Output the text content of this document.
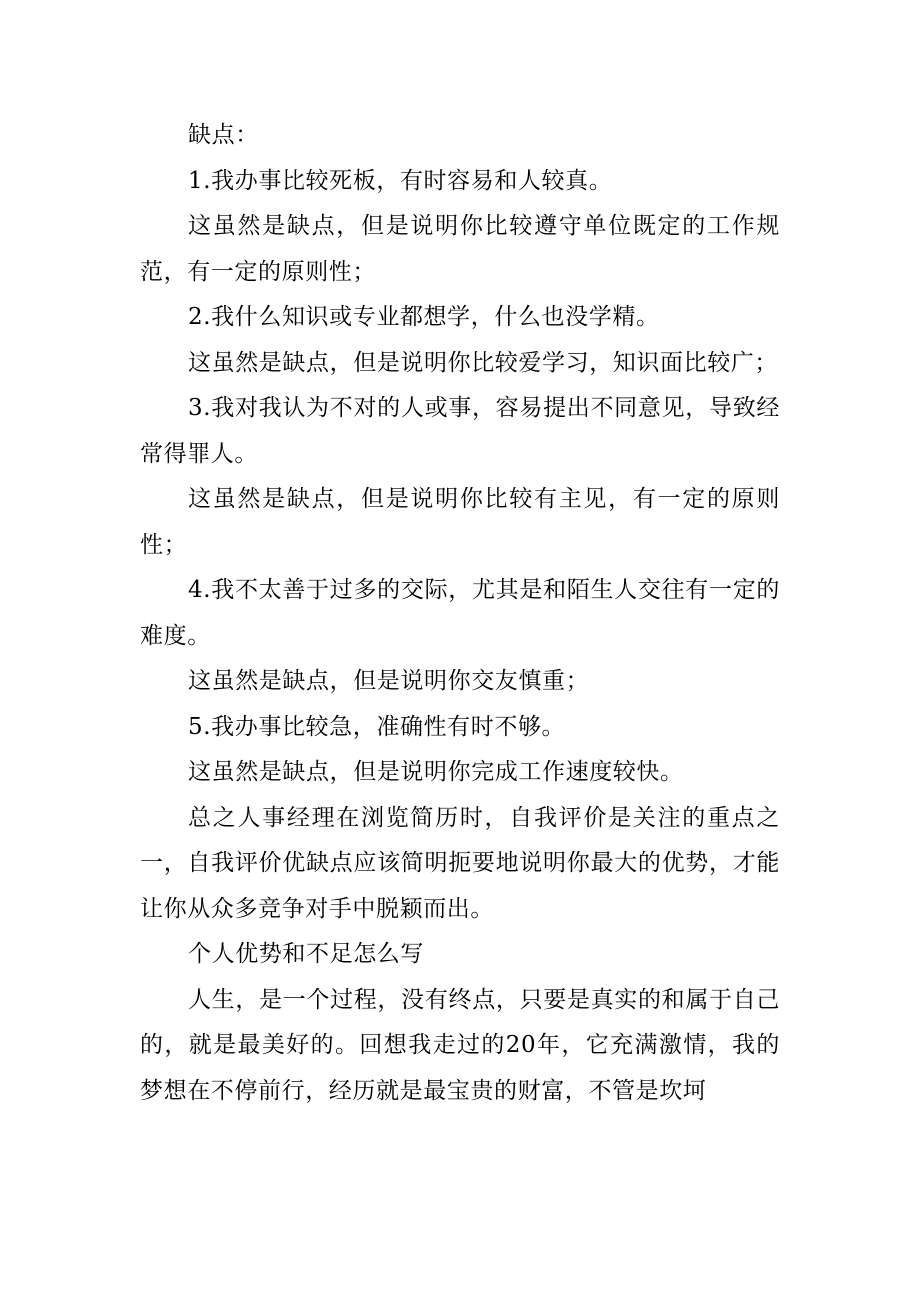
缺点：

1.我办事比较死板，有时容易和人较真。

这虽然是缺点，但是说明你比较遵守单位既定的工作规范，有一定的原则性；

2.我什么知识或专业都想学，什么也没学精。

这虽然是缺点，但是说明你比较爱学习，知识面比较广；

3.我对我认为不对的人或事，容易提出不同意见，导致经常得罪人。

这虽然是缺点，但是说明你比较有主见，有一定的原则性；

4.我不太善于过多的交际，尤其是和陌生人交往有一定的难度。

这虽然是缺点，但是说明你交友慎重；

5.我办事比较急，准确性有时不够。

这虽然是缺点，但是说明你完成工作速度较快。

总之人事经理在浏览简历时，自我评价是关注的重点之一，自我评价优缺点应该简明扼要地说明你最大的优势，才能让你从众多竞争对手中脱颖而出。

个人优势和不足怎么写

人生，是一个过程，没有终点，只要是真实的和属于自己的，就是最美好的。回想我走过的20年，它充满激情，我的梦想在不停前行，经历就是最宝贵的财富，不管是坎坷
